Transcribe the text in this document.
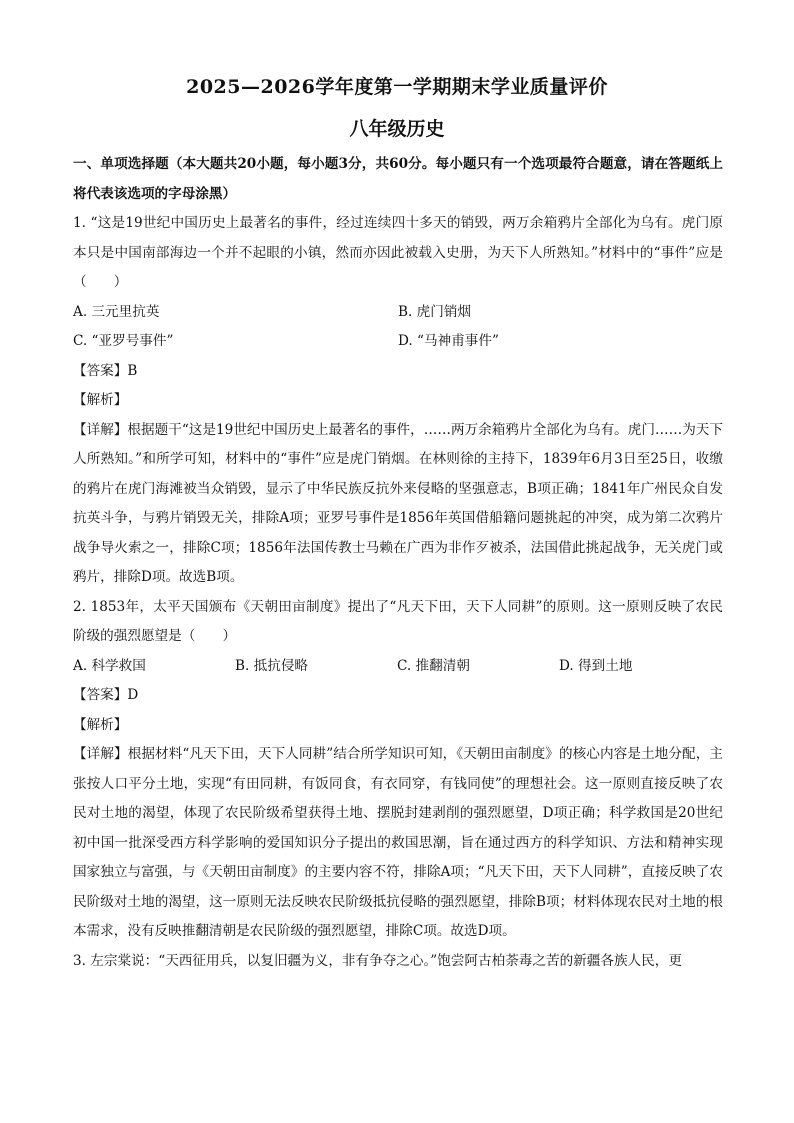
2025—2026学年度第一学期期末学业质量评价
八年级历史

一、单项选择题（本大题共20小题，每小题3分，共60分。每小题只有一个选项最符合题意，请在答题纸上将代表该选项的字母涂黑）

1. “这是19世纪中国历史上最著名的事件，经过连续四十多天的销毁，两万余箱鸦片全部化为乌有。虎门原本只是中国南部海边一个并不起眼的小镇，然而亦因此被载入史册，为天下人所熟知。”材料中的“事件”应是（　　）

A. 三元里抗英	B. 虎门销烟
C. “亚罗号事件”	D. “马神甫事件”

【答案】B

【解析】

【详解】根据题干“这是19世纪中国历史上最著名的事件，……两万余箱鸦片全部化为乌有。虎门……为天下人所熟知。”和所学可知，材料中的“事件”应是虎门销烟。在林则徐的主持下，1839年6月3日至25日，收缴的鸦片在虎门海滩被当众销毁，显示了中华民族反抗外来侵略的坚强意志，B项正确；1841年广州民众自发抗英斗争，与鸦片销毁无关，排除A项；亚罗号事件是1856年英国借船籍问题挑起的冲突，成为第二次鸦片战争导火索之一，排除C项；1856年法国传教士马赖在广西为非作歹被杀，法国借此挑起战争，无关虎门或鸦片，排除D项。故选B项。

2. 1853年，太平天国颁布《天朝田亩制度》提出了“凡天下田，天下人同耕”的原则。这一原则反映了农民阶级的强烈愿望是（　　）

A. 科学救国	B. 抵抗侵略	C. 推翻清朝	D. 得到土地

【答案】D

【解析】

【详解】根据材料“凡天下田，天下人同耕”结合所学知识可知，《天朝田亩制度》的核心内容是土地分配，主张按人口平分土地，实现“有田同耕，有饭同食，有衣同穿，有钱同使”的理想社会。这一原则直接反映了农民对土地的渴望，体现了农民阶级希望获得土地、摆脱封建剥削的强烈愿望，D项正确；科学救国是20世纪初中国一批深受西方科学影响的爱国知识分子提出的救国思潮，旨在通过西方的科学知识、方法和精神实现国家独立与富强，与《天朝田亩制度》的主要内容不符，排除A项；“凡天下田，天下人同耕”，直接反映了农民阶级对土地的渴望，这一原则无法反映农民阶级抵抗侵略的强烈愿望，排除B项；材料体现农民对土地的根本需求，没有反映推翻清朝是农民阶级的强烈愿望，排除C项。故选D项。

3. 左宗棠说：“天西征用兵，以复旧疆为义，非有争夺之心。”饱尝阿古柏荼毒之苦的新疆各族人民，更
